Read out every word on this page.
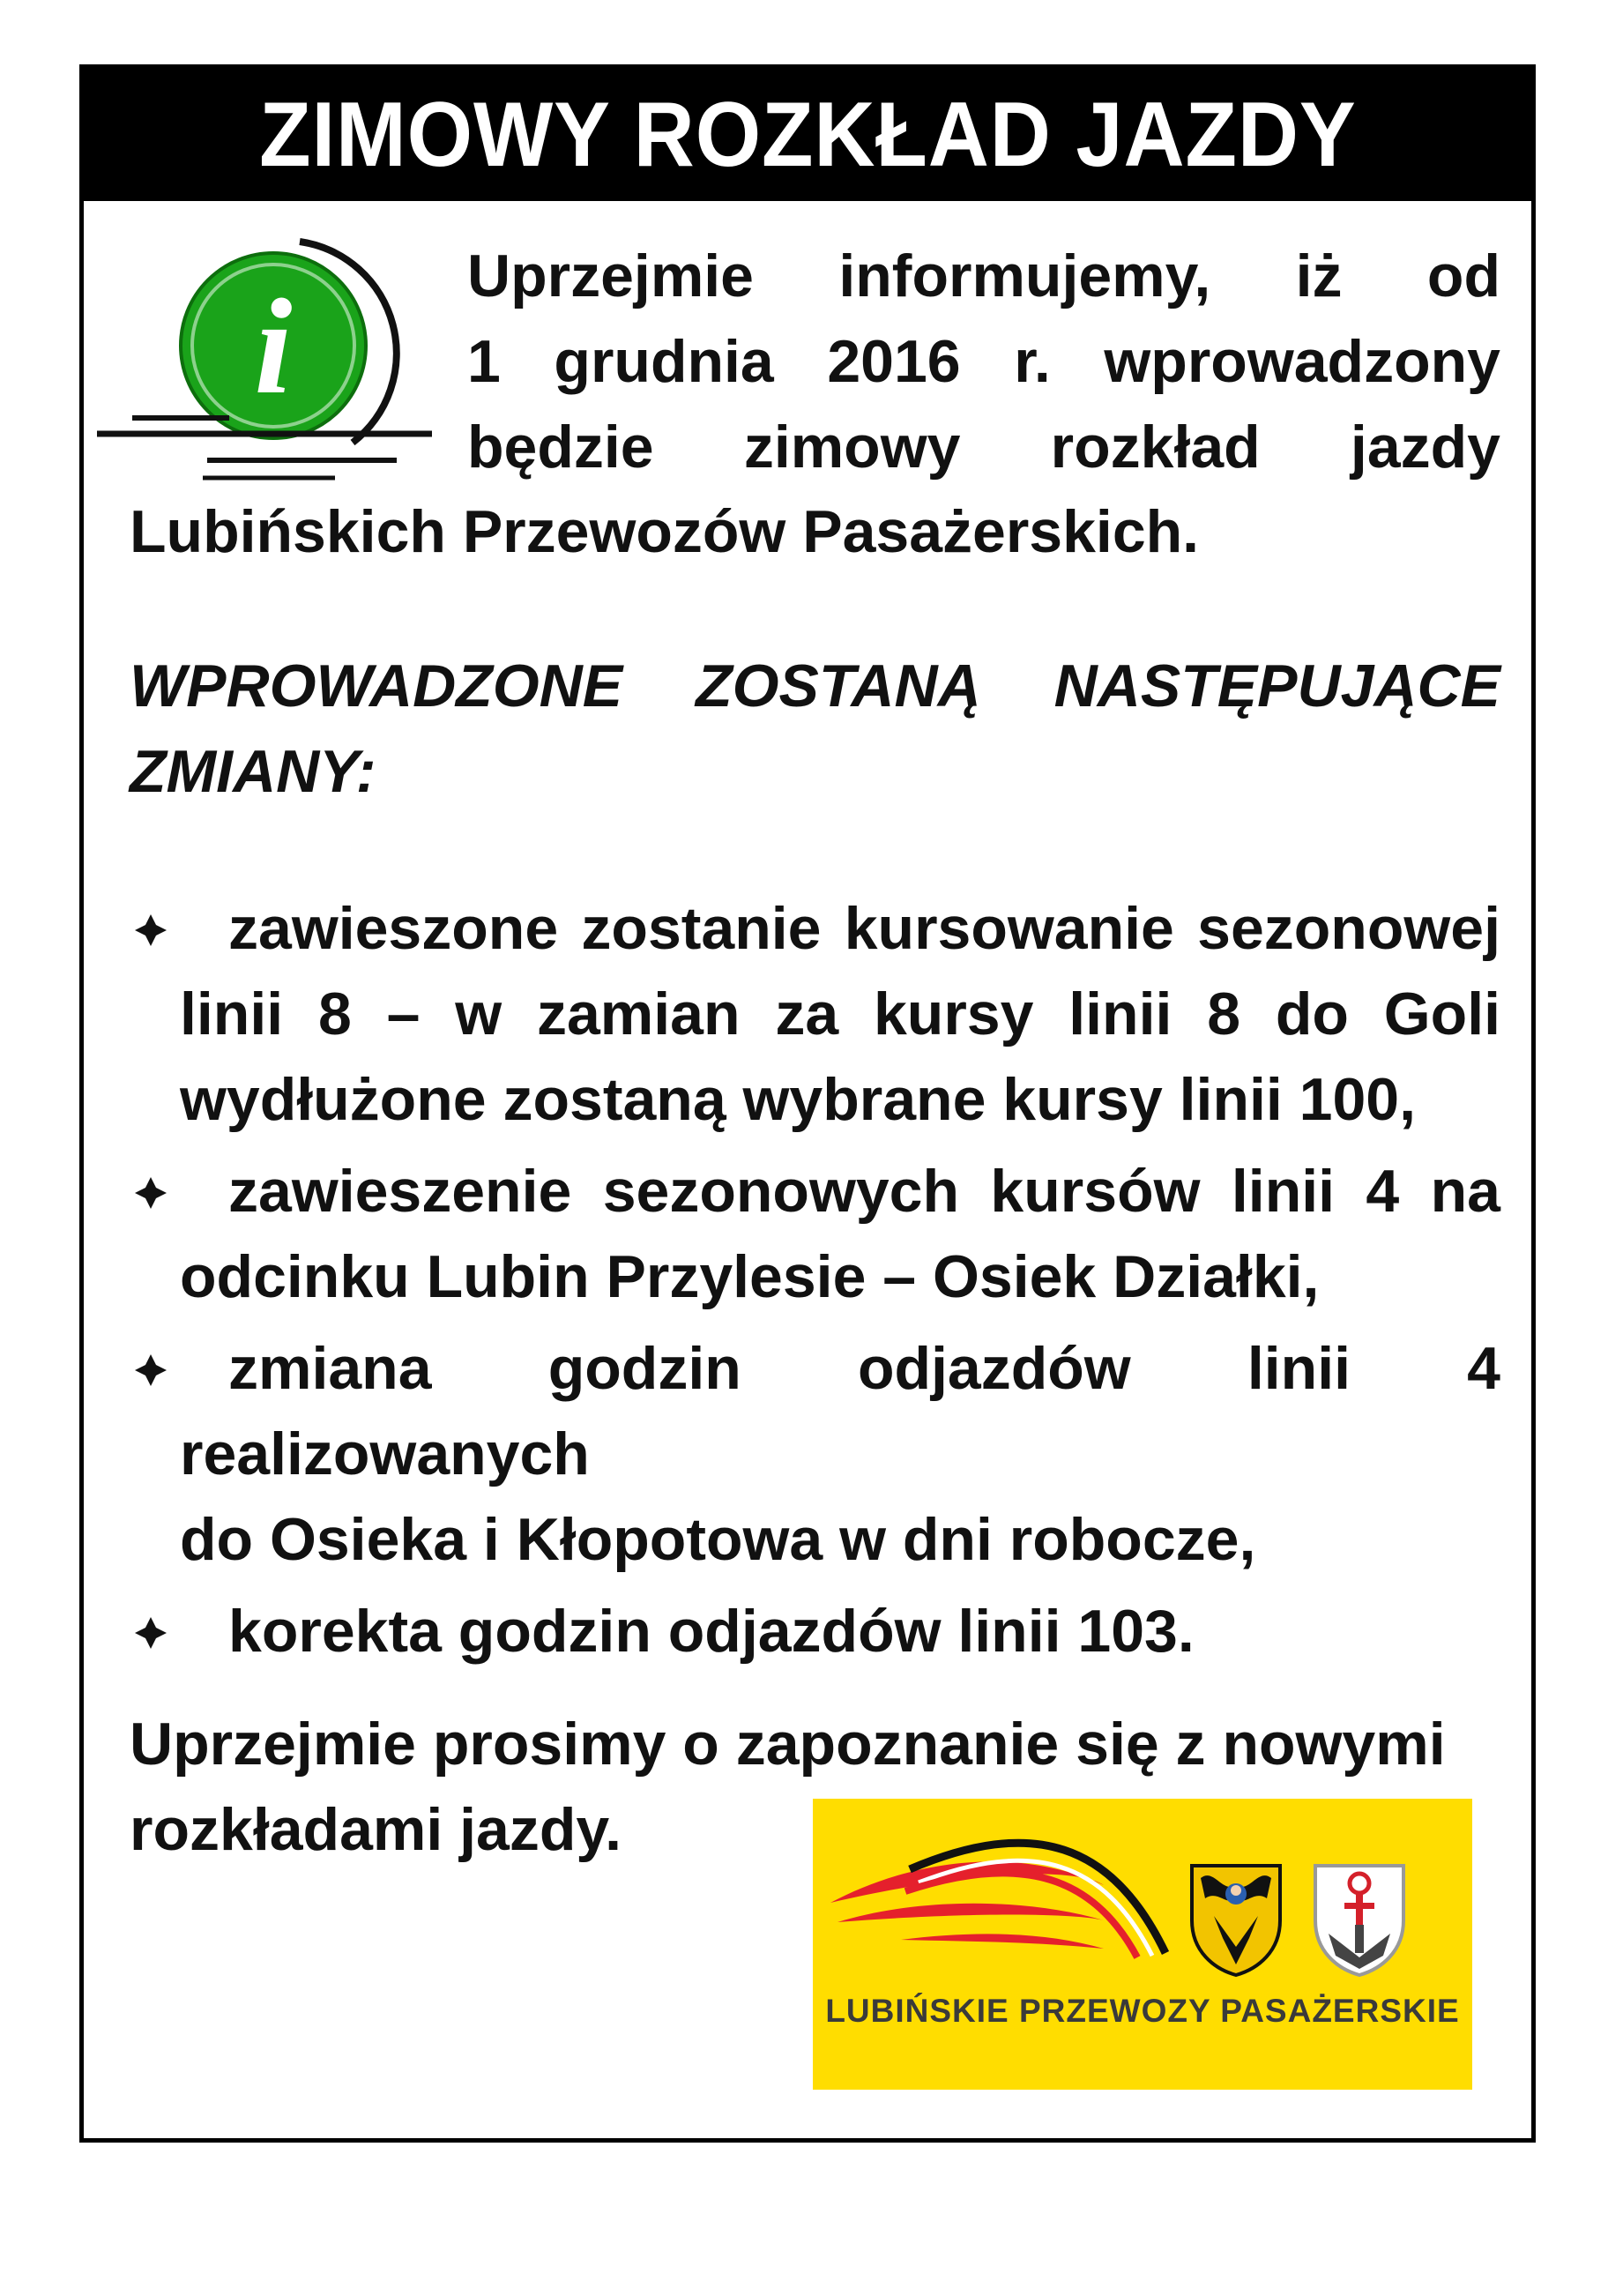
ZIMOWY ROZKŁAD JAZDY
i	Uprzejmie informujemy, iż od
1 grudnia 2016 r. wprowadzony
będzie zimowy rozkład jazdy
Lubińskich Przewozów Pasażerskich.
WPROWADZONE ZOSTANĄ NASTĘPUJĄCE
ZMIANY:
zawieszone zostanie kursowanie sezonowej
linii 8 – w zamian za kursy linii 8 do Goli
wydłużone zostaną wybrane kursy linii 100,
zawieszenie sezonowych kursów linii 4 na
odcinku Lubin Przylesie – Osiek Działki,
zmiana godzin odjazdów linii 4 realizowanych
do Osieka i Kłopotowa w dni robocze,
korekta godzin odjazdów linii 103.
Uprzejmie prosimy o zapoznanie się z nowymi
rozkładami jazdy.
LUBIŃSKIE PRZEWOZY PASAŻERSKIE
